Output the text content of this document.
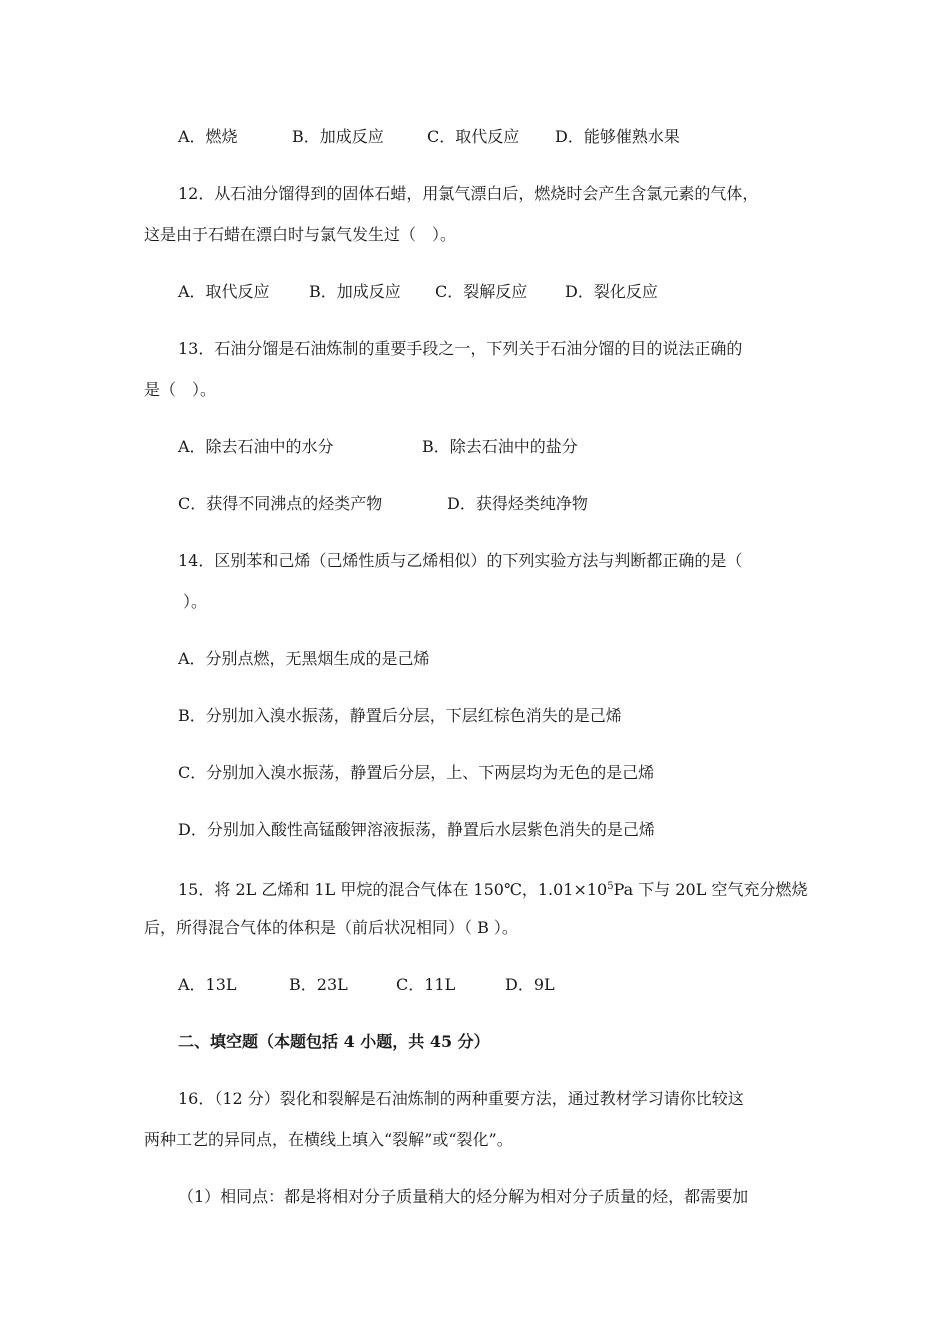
A．燃烧	B．加成反应	C．取代反应 D．能够催熟水果
12．从石油分馏得到的固体石蜡，用氯气漂白后，燃烧时会产生含氯元素的气体，
这是由于石蜡在漂白时与氯气发生过（　）。
A．取代反应 B．加成反应 C．裂解反应 D．裂化反应
13．石油分馏是石油炼制的重要手段之一，下列关于石油分馏的目的说法正确的
是（　）。
A．除去石油中的水分	B．除去石油中的盐分
C．获得不同沸点的烃类产物	D．获得烃类纯净物
14．区别苯和己烯（己烯性质与乙烯相似）的下列实验方法与判断都正确的是（
）。
A．分别点燃，无黑烟生成的是己烯
B．分别加入溴水振荡，静置后分层，下层红棕色消失的是己烯
C．分别加入溴水振荡，静置后分层，上、下两层均为无色的是己烯
D．分别加入酸性高锰酸钾溶液振荡，静置后水层紫色消失的是己烯
15．将 2L 乙烯和 1L 甲烷的混合气体在 150℃，$1.01\times 10^5Pa$ 下与 20L 空气充分燃烧
后，所得混合气体的体积是（前后状况相同）（ B ）。
A．13L	B．23L	C．11L	D．9L
二、填空题（本题包括 4 小题，共 45 分）
16．（12 分）裂化和裂解是石油炼制的两种重要方法，通过教材学习请你比较这
两种工艺的异同点，在横线上填入“裂解”或“裂化”。
（1）相同点：都是将相对分子质量稍大的烃分解为相对分子质量的烃，都需要加
